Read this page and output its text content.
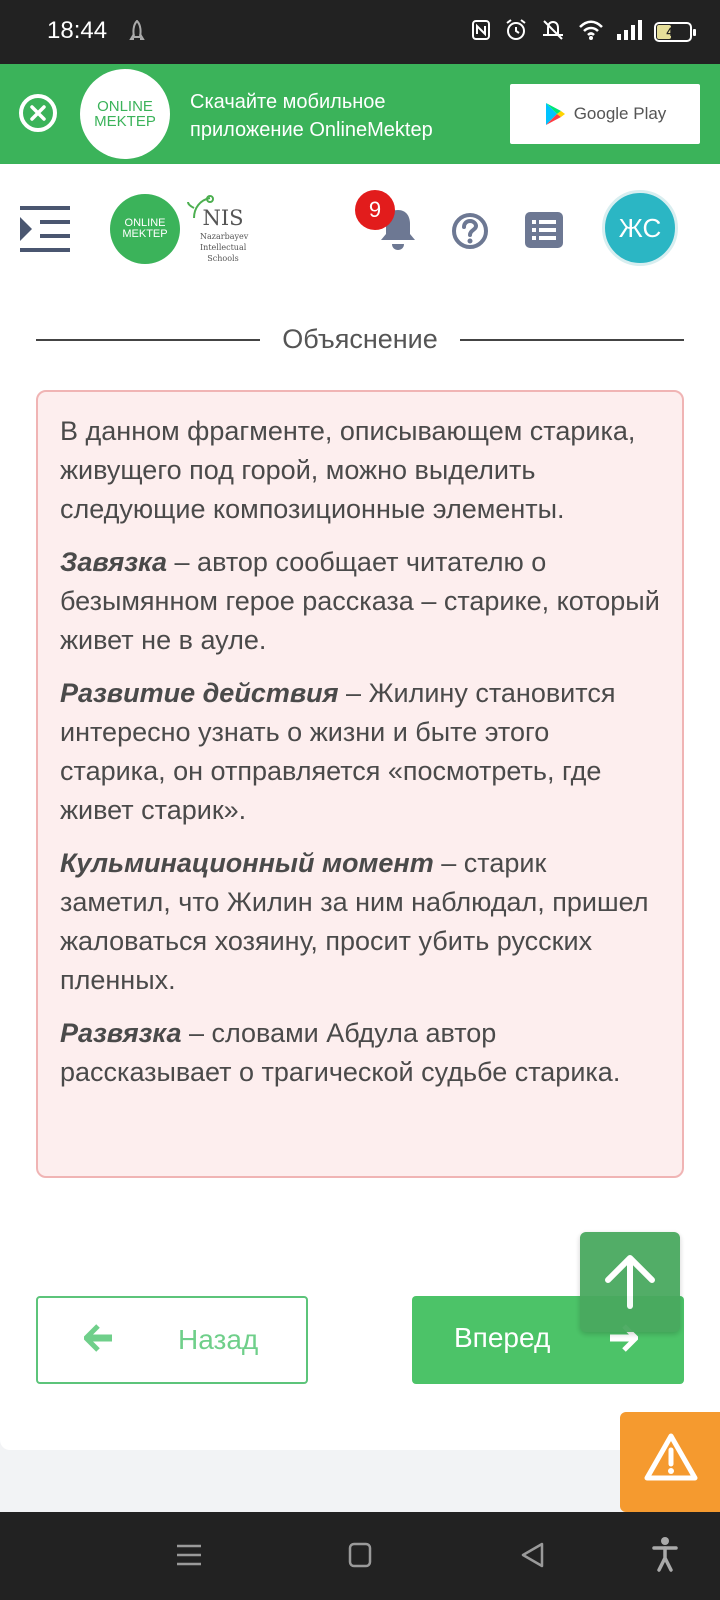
18:44	40
ONLINE
MEKTEP
Скачайте мобильное приложение OnlineMektep
Google Play
ONLINE
MEKTEP
NIS
Nazarbayev
Intellectual
Schools
9
ЖС
Объяснение

В данном фрагменте, описывающем старика, живущего под горой, можно выделить следующие композиционные элементы.

Завязка – автор сообщает читателю о безымянном герое рассказа – старике, который живет не в ауле.

Развитие действия – Жилину становится интересно узнать о жизни и быте этого старика, он отправляется «посмотреть, где живет старик».

Кульминационный момент – старик заметил, что Жилин за ним наблюдал, пришел жаловаться хозяину, просит убить русских пленных.

Развязка – словами Абдула автор рассказывает о трагической судьбе старика.

Назад	Вперед
